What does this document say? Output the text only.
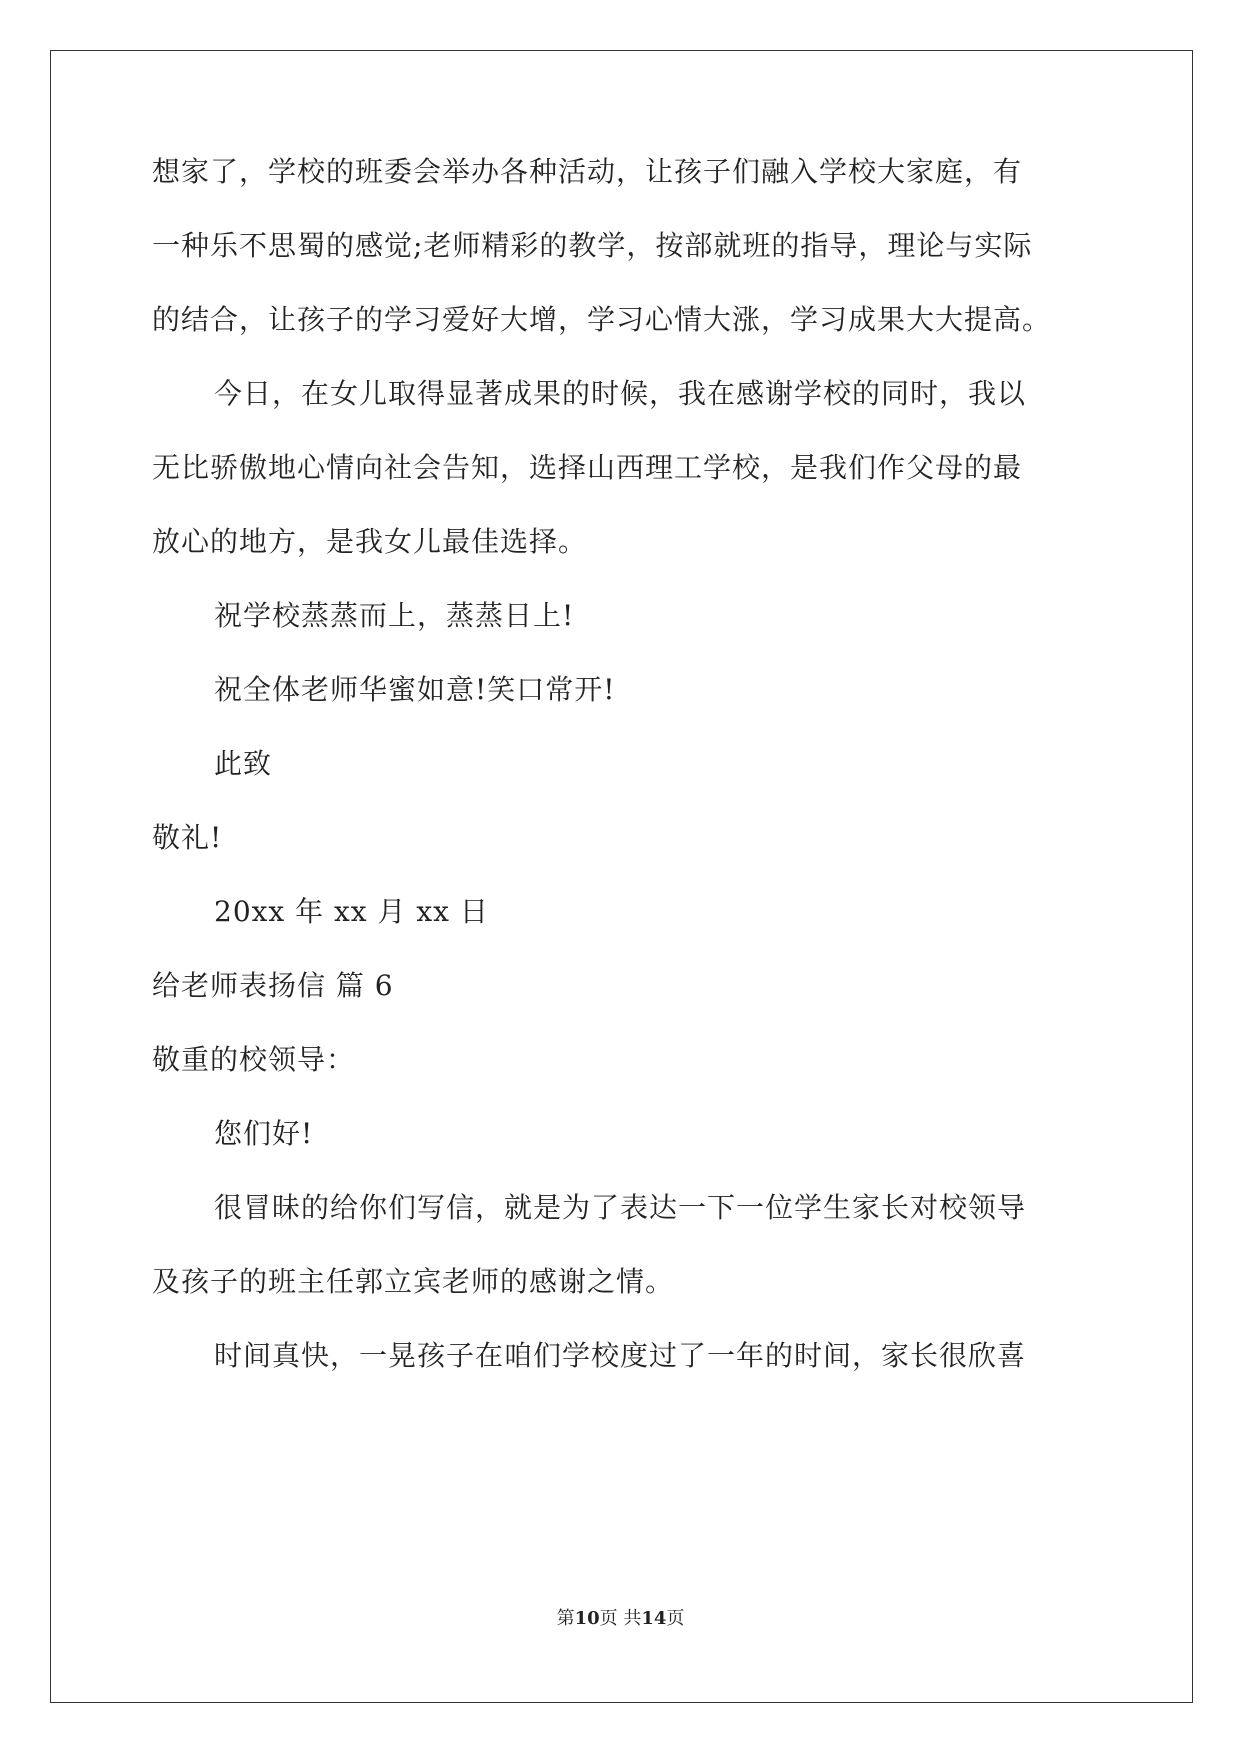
想家了，学校的班委会举办各种活动，让孩子们融入学校大家庭，有
一种乐不思蜀的感觉;老师精彩的教学，按部就班的指导，理论与实际
的结合，让孩子的学习爱好大增，学习心情大涨，学习成果大大提高。
今日，在女儿取得显著成果的时候，我在感谢学校的同时，我以
无比骄傲地心情向社会告知，选择山西理工学校，是我们作父母的最
放心的地方，是我女儿最佳选择。
祝学校蒸蒸而上，蒸蒸日上!
祝全体老师华蜜如意!笑口常开!
此致
敬礼!
20xx 年 xx 月 xx 日
给老师表扬信 篇 6
敬重的校领导：
您们好!
很冒昧的给你们写信，就是为了表达一下一位学生家长对校领导
及孩子的班主任郭立宾老师的感谢之情。
时间真快，一晃孩子在咱们学校度过了一年的时间，家长很欣喜
第10页 共14页
